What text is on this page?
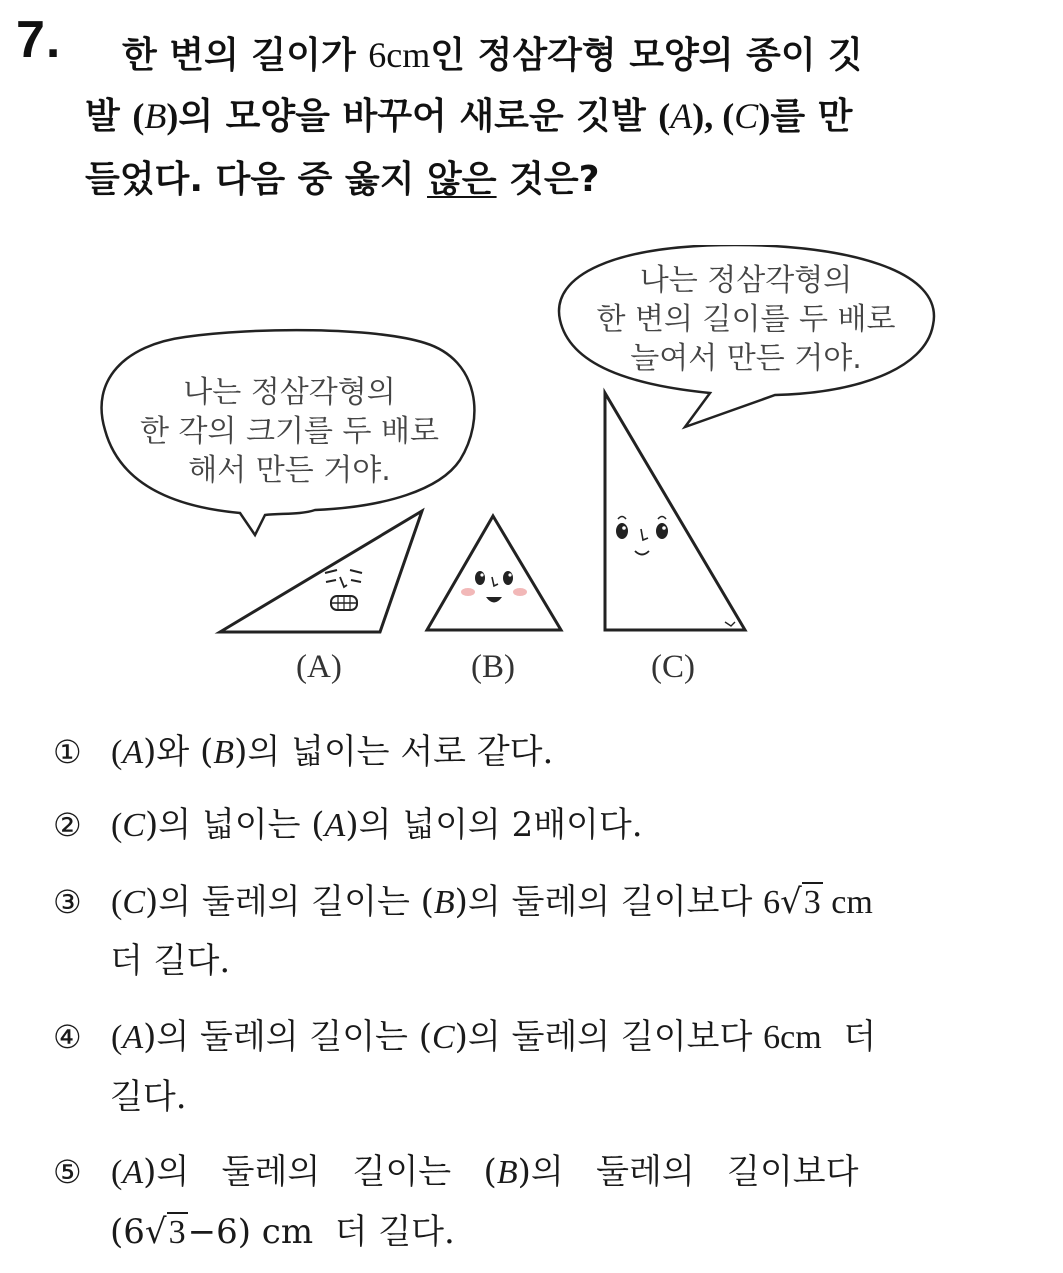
7. 한 변의 길이가 6cm인 정삼각형 모양의 종이 깃
발 (B)의 모양을 바꾸어 새로운 깃발 (A), (C)를 만
들었다. 다음 중 옳지 않은 것은?
나는 정삼각형의
한 각의 크기를 두 배로
해서 만든 거야.
나는 정삼각형의
한 변의 길이를 두 배로
늘여서 만든 거야.
(A)	(B)	(C)
① (A)와 (B)의 넓이는 서로 같다.
② (C)의 넓이는 (A)의 넓이의 2배이다.
③ (C)의 둘레의 길이는 (B)의 둘레의 길이보다 6√3 cm
더 길다.
④ (A)의 둘레의 길이는 (C)의 둘레의 길이보다 6cm  더
길다.
⑤ (A)의   둘레의   길이는   (B)의   둘레의   길이보다
(6√3−6) cm  더 길다.
